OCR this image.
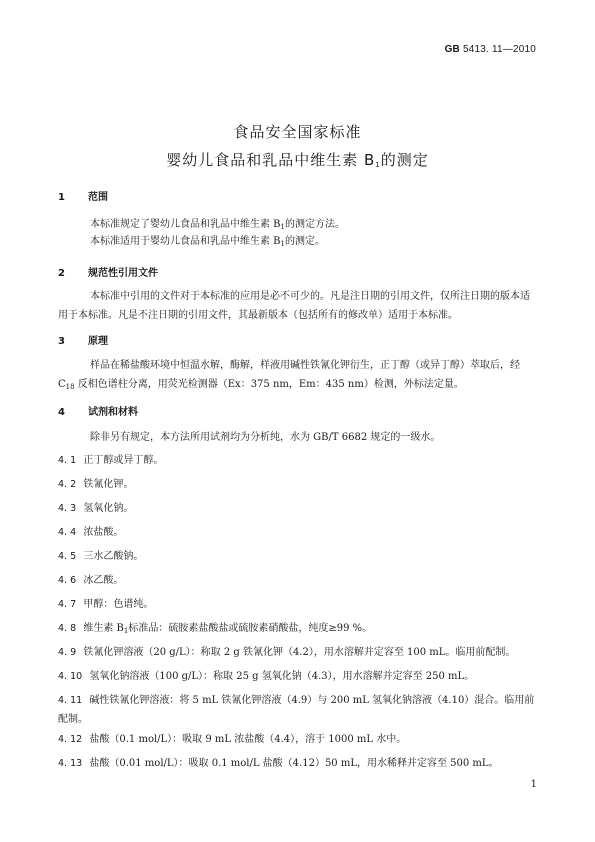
GB 5413. 11—2010
食品安全国家标准
婴幼儿食品和乳品中维生素 $B_1$的测定
1 范围
本标准规定了婴幼儿食品和乳品中维生素 $B_1$的测定方法。
本标准适用于婴幼儿食品和乳品中维生素 $B_1$的测定。
2 规范性引用文件
本标准中引用的文件对于本标准的应用是必不可少的。凡是注日期的引用文件，仅所注日期的版本适用于本标准。凡是不注日期的引用文件，其最新版本（包括所有的修改单）适用于本标准。
3 原理
样品在稀盐酸环境中恒温水解，酶解，样液用碱性铁氰化钾衍生，正丁醇（或异丁醇）萃取后，经 $C_{18}$ 反相色谱柱分离，用荧光检测器（Ex：375 nm，Em：435 nm）检测，外标法定量。
4 试剂和材料
除非另有规定，本方法所用试剂均为分析纯，水为 GB/T 6682 规定的一级水。
4. 1 正丁醇或异丁醇。
4. 2 铁氰化钾。
4. 3 氢氧化钠。
4. 4 浓盐酸。
4. 5 三水乙酸钠。
4. 6 冰乙酸。
4. 7 甲醇：色谱纯。
4. 8 维生素 $B_1$标准品：硫胺素盐酸盐或硫胺素硝酸盐，纯度≥99 %。
4. 9 铁氰化钾溶液（20 g/L）：称取 2 g 铁氰化钾（4.2），用水溶解并定容至 100 mL。临用前配制。
4. 10 氢氧化钠溶液（100 g/L）：称取 25 g 氢氧化钠（4.3），用水溶解并定容至 250 mL。
4. 11 碱性铁氰化钾溶液：将 5 mL 铁氰化钾溶液（4.9）与 200 mL 氢氧化钠溶液（4.10）混合。临用前配制。
4. 12 盐酸（0.1 mol/L）：吸取 9 mL 浓盐酸（4.4），溶于 1000 mL 水中。
4. 13 盐酸（0.01 mol/L）：吸取 0.1 mol/L 盐酸（4.12）50 mL，用水稀释并定容至 500 mL。
1
